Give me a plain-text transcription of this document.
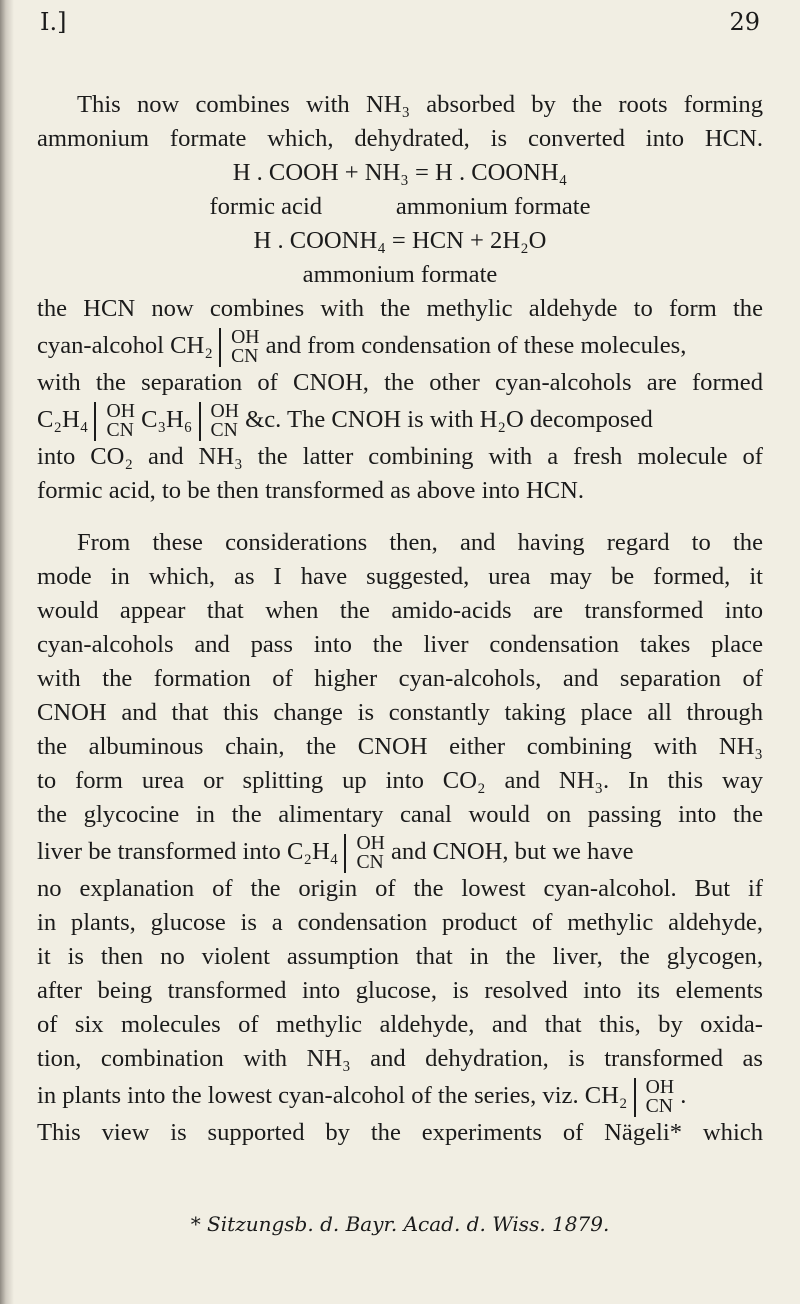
I.]	29
This now combines with NH₃ absorbed by the roots forming
ammonium formate which, dehydrated, is converted into HCN.
H . COOH + NH₃ = H . COONH₄
formic acid            ammonium formate
H . COONH₄ = HCN + 2H₂O
ammonium formate
the HCN now combines with the methylic aldehyde to form the
cyan-alcohol CH₂ OH
CN and from condensation of these molecules,
with the separation of CNOH, the other cyan-alcohols are formed
C₂H₄ OH
CN C₃H₆ OH
CN &c. The CNOH is with H₂O decomposed
into CO₂ and NH₃ the latter combining with a fresh molecule of
formic acid, to be then transformed as above into HCN.
From these considerations then, and having regard to the
mode in which, as I have suggested, urea may be formed, it
would appear that when the amido-acids are transformed into
cyan-alcohols and pass into the liver condensation takes place
with the formation of higher cyan-alcohols, and separation of
CNOH and that this change is constantly taking place all through
the albuminous chain, the CNOH either combining with NH₃
to form urea or splitting up into CO₂ and NH₃. In this way
the glycocine in the alimentary canal would on passing into the
liver be transformed into C₂H₄ OH
CN and CNOH, but we have
no explanation of the origin of the lowest cyan-alcohol. But if
in plants, glucose is a condensation product of methylic aldehyde,
it is then no violent assumption that in the liver, the glycogen,
after being transformed into glucose, is resolved into its elements
of six molecules of methylic aldehyde, and that this, by oxida-
tion, combination with NH₃ and dehydration, is transformed as
in plants into the lowest cyan-alcohol of the series, viz. CH₂ OH
CN .
This view is supported by the experiments of Nägeli* which
* Sitzungsb. d. Bayr. Acad. d. Wiss. 1879.
